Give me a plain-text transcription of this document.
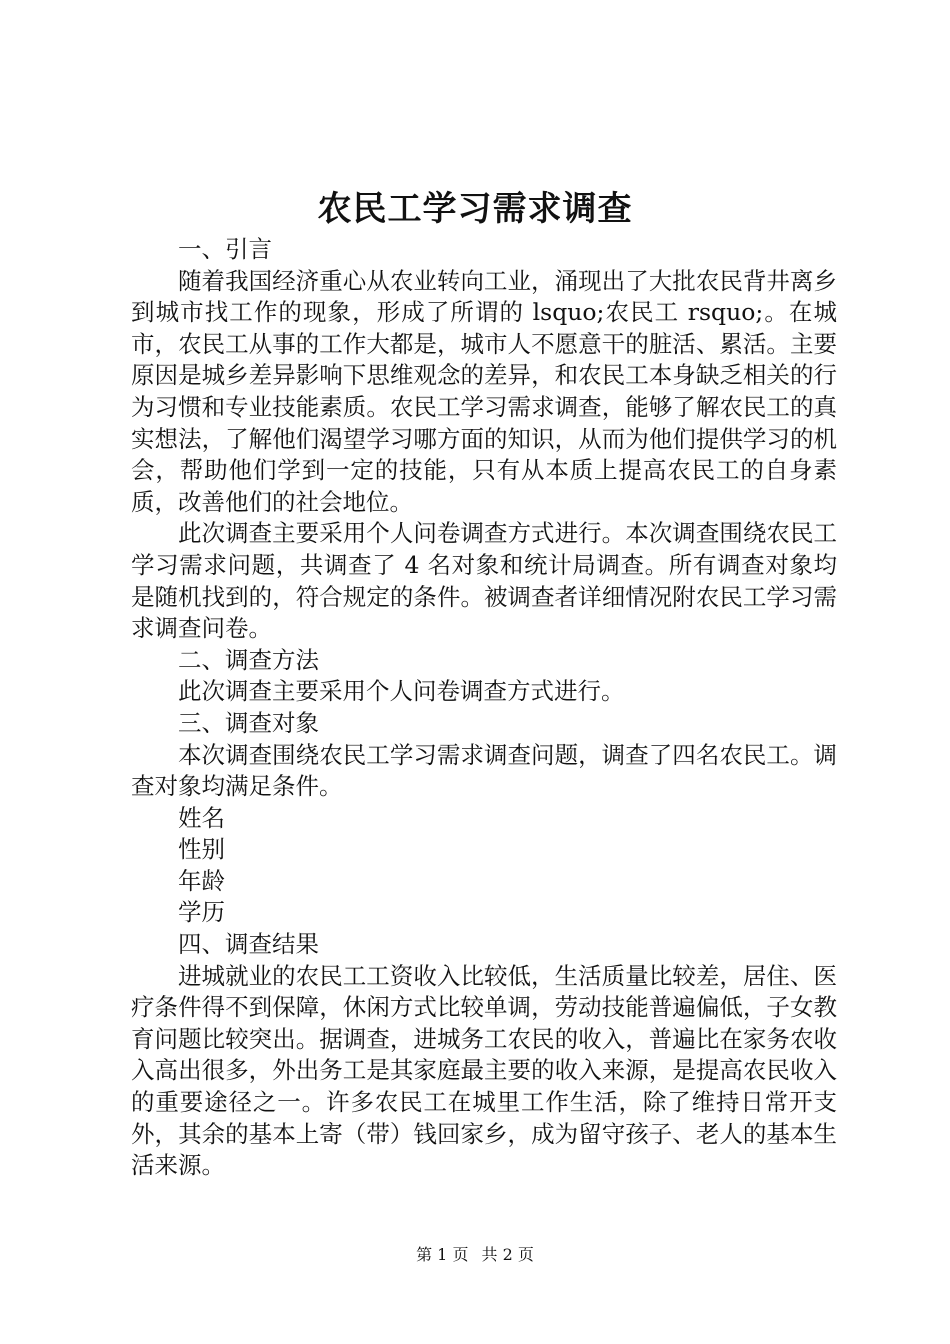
农民工学习需求调查

一、引言

随着我国经济重心从农业转向工业，涌现出了大批农民背井离乡到城市找工作的现象，形成了所谓的 lsquo;农民工 rsquo;。在城市，农民工从事的工作大都是，城市人不愿意干的脏活、累活。主要原因是城乡差异影响下思维观念的差异，和农民工本身缺乏相关的行为习惯和专业技能素质。农民工学习需求调查，能够了解农民工的真实想法，了解他们渴望学习哪方面的知识，从而为他们提供学习的机会，帮助他们学到一定的技能，只有从本质上提高农民工的自身素质，改善他们的社会地位。

此次调查主要采用个人问卷调查方式进行。本次调查围绕农民工学习需求问题，共调查了 4 名对象和统计局调查。所有调查对象均是随机找到的，符合规定的条件。被调查者详细情况附农民工学习需求调查问卷。

二、调查方法

此次调查主要采用个人问卷调查方式进行。

三、调查对象

本次调查围绕农民工学习需求调查问题，调查了四名农民工。调查对象均满足条件。

姓名

性别

年龄

学历

四、调查结果

进城就业的农民工工资收入比较低，生活质量比较差，居住、医疗条件得不到保障，休闲方式比较单调，劳动技能普遍偏低，子女教育问题比较突出。据调查，进城务工农民的收入，普遍比在家务农收入高出很多，外出务工是其家庭最主要的收入来源，是提高农民收入的重要途径之一。许多农民工在城里工作生活，除了维持日常开支外，其余的基本上寄（带）钱回家乡，成为留守孩子、老人的基本生活来源。

第 1 页 共 2 页
